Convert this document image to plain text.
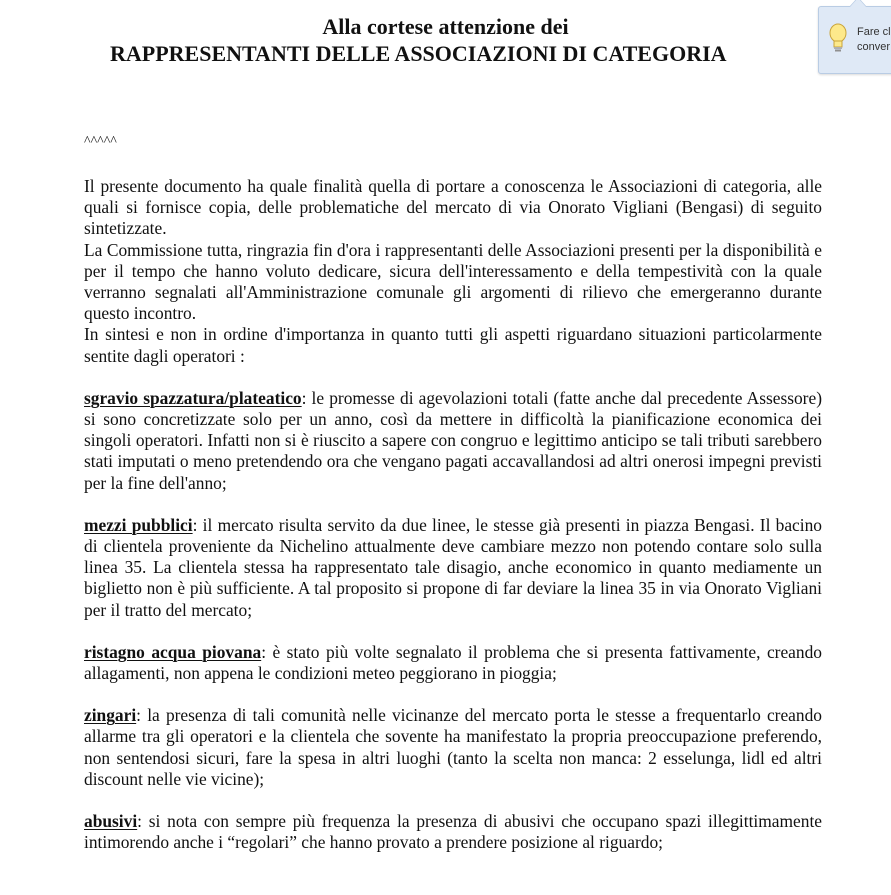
Alla cortese attenzione dei
RAPPRESENTANTI DELLE ASSOCIAZIONI DI CATEGORIA
^^^^^

Il presente documento ha quale finalità quella di portare a conoscenza le Associazioni di categoria, alle quali si fornisce copia, delle problematiche del mercato di via Onorato Vigliani (Bengasi) di seguito sintetizzate.

La Commissione tutta, ringrazia fin d'ora i rappresentanti delle Associazioni presenti per la disponibilità e per il tempo che hanno voluto dedicare, sicura dell'interessamento e della tempestività con la quale verranno segnalati all'Amministrazione comunale gli argomenti di rilievo che emergeranno durante questo incontro.

In sintesi e non in ordine d'importanza in quanto tutti gli aspetti riguardano situazioni particolarmente sentite dagli operatori :

sgravio spazzatura/plateatico: le promesse di agevolazioni totali (fatte anche dal precedente Assessore) si sono concretizzate solo per un anno, così da mettere in difficoltà la pianificazione economica dei singoli operatori. Infatti non si è riuscito a sapere con congruo e legittimo anticipo se tali tributi sarebbero stati imputati o meno pretendendo ora che vengano pagati accavallandosi ad altri onerosi impegni previsti per la fine dell'anno;

mezzi pubblici: il mercato risulta servito da due linee, le stesse già presenti in piazza Bengasi. Il bacino di clientela proveniente da Nichelino attualmente deve cambiare mezzo non potendo contare solo sulla linea 35. La clientela stessa ha rappresentato tale disagio, anche economico in quanto mediamente un biglietto non è più sufficiente. A tal proposito si propone di far deviare la linea 35 in via Onorato Vigliani per il tratto del mercato;

ristagno acqua piovana: è stato più volte segnalato il problema che si presenta fattivamente, creando allagamenti, non appena le condizioni meteo peggiorano in pioggia;

zingari: la presenza di tali comunità nelle vicinanze del mercato porta le stesse a frequentarlo creando allarme tra gli operatori e la clientela che sovente ha manifestato la propria preoccupazione preferendo, non sentendosi sicuri, fare la spesa in altri luoghi (tanto la scelta non manca: 2 esselunga, lidl ed altri discount nelle vie vicine);

abusivi: si nota con sempre più frequenza la presenza di abusivi che occupano spazi illegittimamente intimorendo anche i “regolari” che hanno provato a prendere posizione al riguardo;

Fare cl
conver
